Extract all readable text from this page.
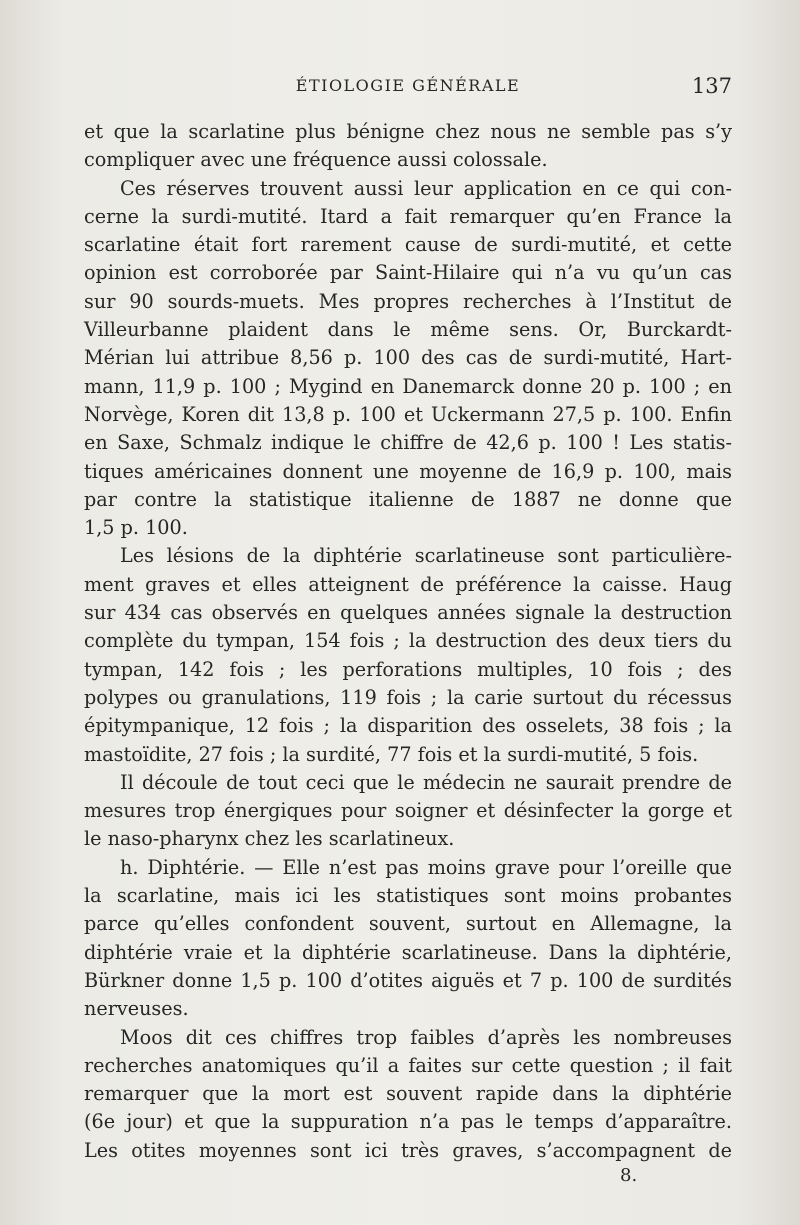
ÉTIOLOGIE GÉNÉRALE	137
et que la scarlatine plus bénigne chez nous ne semble pas s’y
compliquer avec une fréquence aussi colossale.
Ces réserves trouvent aussi leur application en ce qui con-
cerne la surdi-mutité. Itard a fait remarquer qu’en France la
scarlatine était fort rarement cause de surdi-mutité, et cette
opinion est corroborée par Saint-Hilaire qui n’a vu qu’un cas
sur 90 sourds-muets. Mes propres recherches à l’Institut de
Villeurbanne plaident dans le même sens. Or, Burckardt-
Mérian lui attribue 8,56 p. 100 des cas de surdi-mutité, Hart-
mann, 11,9 p. 100 ; Mygind en Danemarck donne 20 p. 100 ; en
Norvège, Koren dit 13,8 p. 100 et Uckermann 27,5 p. 100. Enfin
en Saxe, Schmalz indique le chiffre de 42,6 p. 100 ! Les statis-
tiques américaines donnent une moyenne de 16,9 p. 100, mais
par contre la statistique italienne de 1887 ne donne que
1,5 p. 100.
Les lésions de la diphtérie scarlatineuse sont particulière-
ment graves et elles atteignent de préférence la caisse. Haug
sur 434 cas observés en quelques années signale la destruction
complète du tympan, 154 fois ; la destruction des deux tiers du
tympan, 142 fois ; les perforations multiples, 10 fois ; des
polypes ou granulations, 119 fois ; la carie surtout du récessus
épitympanique, 12 fois ; la disparition des osselets, 38 fois ; la
mastoïdite, 27 fois ; la surdité, 77 fois et la surdi-mutité, 5 fois.
Il découle de tout ceci que le médecin ne saurait prendre de
mesures trop énergiques pour soigner et désinfecter la gorge et
le naso-pharynx chez les scarlatineux.
h. Diphtérie. — Elle n’est pas moins grave pour l’oreille que
la scarlatine, mais ici les statistiques sont moins probantes
parce qu’elles confondent souvent, surtout en Allemagne, la
diphtérie vraie et la diphtérie scarlatineuse. Dans la diphtérie,
Bürkner donne 1,5 p. 100 d’otites aiguës et 7 p. 100 de surdités
nerveuses.
Moos dit ces chiffres trop faibles d’après les nombreuses
recherches anatomiques qu’il a faites sur cette question ; il fait
remarquer que la mort est souvent rapide dans la diphtérie
(6e jour) et que la suppuration n’a pas le temps d’apparaître.
Les otites moyennes sont ici très graves, s’accompagnent de
8.
